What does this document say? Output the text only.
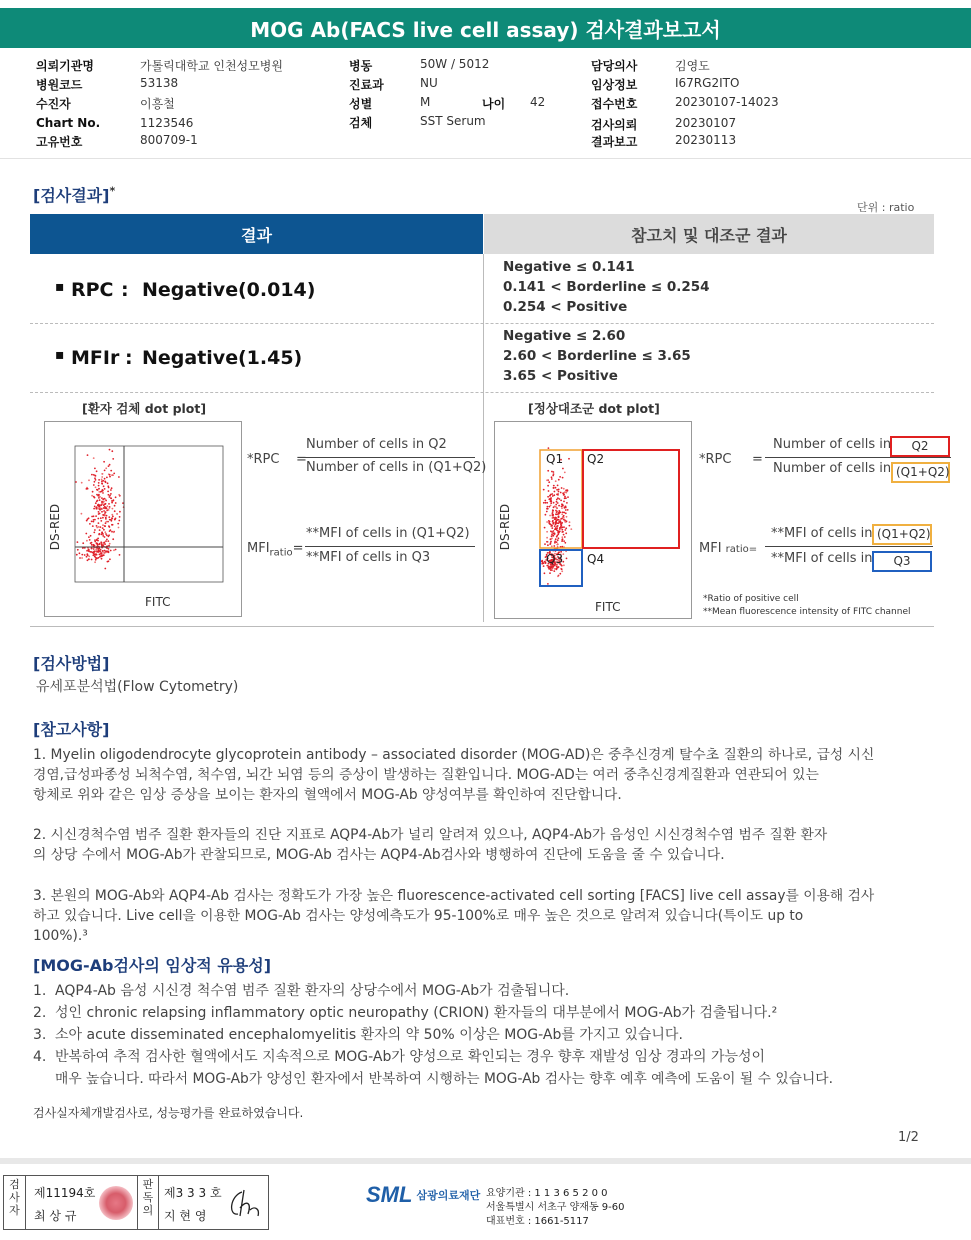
MOG Ab(FACS live cell assay) 검사결과보고서
의뢰기관명	가톨릭대학교 인천성모병원
병원코드	53138
수진자	이흥철
Chart No.	1123546
고유번호	800709-1
병동	50W / 5012
진료과	NU
성별	M	나이 42
검체	SST Serum
담당의사	김영도
임상정보	I67RG2ITO
접수번호	20230107-14023
검사의뢰	20230107
결과보고	20230113
[검사결과]*
단위 : ratio
결과	참고치 및 대조군 결과
▪ RPC : Negative (0.014)
Negative ≤ 0.141
0.141 < Borderline ≤ 0.254
0.254 < Positive
▪ MFIr : Negative (1.45)
Negative ≤ 2.60
2.60 < Borderline ≤ 3.65
3.65 < Positive
[환자 검체 dot plot]	[정상대조군 dot plot]
DS-RED
FITC
*RPC =
Number of cells in Q2
Number of cells in (Q1+Q2)
$MFI_{ratio}=$
**MFI of cells in (Q1+Q2)
**MFI of cells in Q3
Q1 Q2
Q3 Q4
DS-RED
FITC
*RPC =
Number of cells in	Q2
Number of cells in (Q1+Q2)
MFI ratio=
**MFI of cells in (Q1+Q2)
**MFI of cells in	Q3
*Ratio of positive cell
**Mean fluorescence intensity of FITC channel
[검사방법]
유세포분석법(Flow Cytometry)
[참고사항]
1. Myelin oligodendrocyte glycoprotein antibody – associated disorder (MOG-AD)은 중추신경계 탈수초 질환의 하나로, 급성 시신
경염,급성파종성 뇌척수염, 척수염, 뇌간 뇌염 등의 증상이 발생하는 질환입니다. MOG-AD는 여러 중추신경계질환과 연관되어 있는
항체로 위와 같은 임상 증상을 보이는 환자의 혈액에서 MOG-Ab 양성여부를 확인하여 진단합니다.
2. 시신경척수염 범주 질환 환자들의 진단 지표로 AQP4-Ab가 널리 알려져 있으나, AQP4-Ab가 음성인 시신경척수염 범주 질환 환자
의 상당 수에서 MOG-Ab가 관찰되므로, MOG-Ab 검사는 AQP4-Ab검사와 병행하여 진단에 도움을 줄 수 있습니다.
3. 본원의 MOG-Ab와 AQP4-Ab 검사는 정확도가 가장 높은 fluorescence-activated cell sorting [FACS] live cell assay를 이용해 검사
하고 있습니다. Live cell을 이용한 MOG-Ab 검사는 양성예측도가 95-100%로 매우 높은 것으로 알려져 있습니다(특이도 up to
100%).³
[MOG-Ab검사의 임상적 유용성]
1. AQP4-Ab 음성 시신경 척수염 범주 질환 환자의 상당수에서 MOG-Ab가 검출됩니다.
2. 성인 chronic relapsing inflammatory optic neuropathy (CRION) 환자들의 대부분에서 MOG-Ab가 검출됩니다.²
3. 소아 acute disseminated encephalomyelitis 환자의 약 50% 이상은 MOG-Ab를 가지고 있습니다.
4. 반복하여 추적 검사한 혈액에서도 지속적으로 MOG-Ab가 양성으로 확인되는 경우 향후 재발성 임상 경과의 가능성이
매우 높습니다. 따라서 MOG-Ab가 양성인 환자에서 반복하여 시행하는 MOG-Ab 검사는 향후 예후 예측에 도움이 될 수 있습니다.
검사실자체개발검사로, 성능평가를 완료하였습니다.
1/2
검사자
제11194호
최 상 규
판독의
제3 3 3 호
지 현 영
SML 삼광의료재단 요양기관 : 1 1 3 6 5 2 0 0
서울특별시 서초구 양재동 9-60
대표번호 : 1661-5117
